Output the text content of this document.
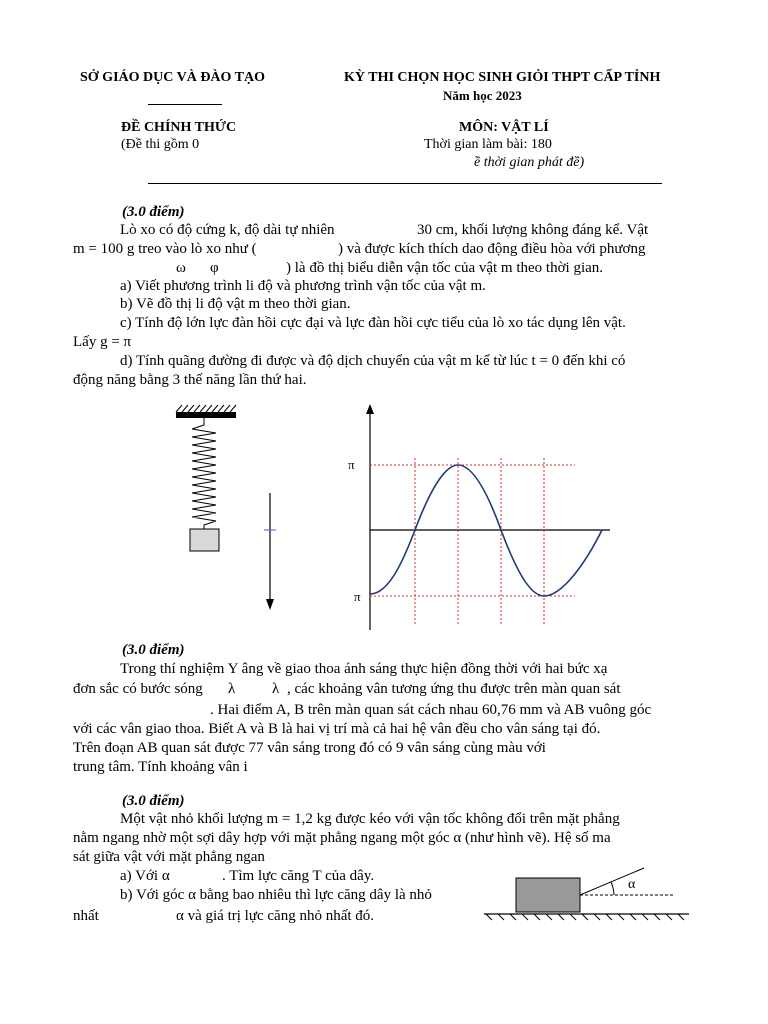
SỞ GIÁO DỤC VÀ ĐÀO TẠO	KỲ THI CHỌN HỌC SINH GIỎI THPT CẤP TỈNH
Năm học 2023
ĐỀ CHÍNH THỨC
(Đề thi gồm 0
MÔN: VẬT LÍ
Thời gian làm bài: 180
ề thời gian phát đề)
(3.0 điểm)
Lò xo có độ cứng k, độ dài tự nhiên	30 cm, khối lượng không đáng kể. Vật
m = 100 g treo vào lò xo như (	) và được kích thích dao động điều hòa với phương
ω φ	) là đồ thị biểu diễn vận tốc của vật m theo thời gian.
a) Viết phương trình li độ và phương trình vận tốc của vật m.
b) Vẽ đồ thị li độ vật m theo thời gian.
c) Tính độ lớn lực đàn hồi cực đại và lực đàn hồi cực tiểu của lò xo tác dụng lên vật.
Lấy g = π
d) Tính quãng đường đi được và độ dịch chuyển của vật m kể từ lúc t = 0 đến khi có
động năng bằng 3 thế năng lần thứ hai.
π
π
(3.0 điểm)
Trong thí nghiệm Y âng về giao thoa ánh sáng thực hiện đồng thời với hai bức xạ
đơn sắc có bước sóng λ λ , các khoảng vân tương ứng thu được trên màn quan sát
. Hai điểm A, B trên màn quan sát cách nhau 60,76 mm và AB vuông góc
với các vân giao thoa. Biết A và B là hai vị trí mà cả hai hệ vân đều cho vân sáng tại đó.
Trên đoạn AB quan sát được 77 vân sáng trong đó có 9 vân sáng cùng màu với
trung tâm. Tính khoảng vân i
(3.0 điểm)
Một vật nhỏ khối lượng m = 1,2 kg được kéo với vận tốc không đổi trên mặt phẳng
nằm ngang nhờ một sợi dây hợp với mặt phẳng ngang một góc α (như hình vẽ). Hệ số ma
sát giữa vật với mặt phẳng ngan
a) Với α	. Tìm lực căng T của dây.
b) Với góc α bằng bao nhiêu thì lực căng dây là nhỏ
nhất	α và giá trị lực căng nhỏ nhất đó.
α
